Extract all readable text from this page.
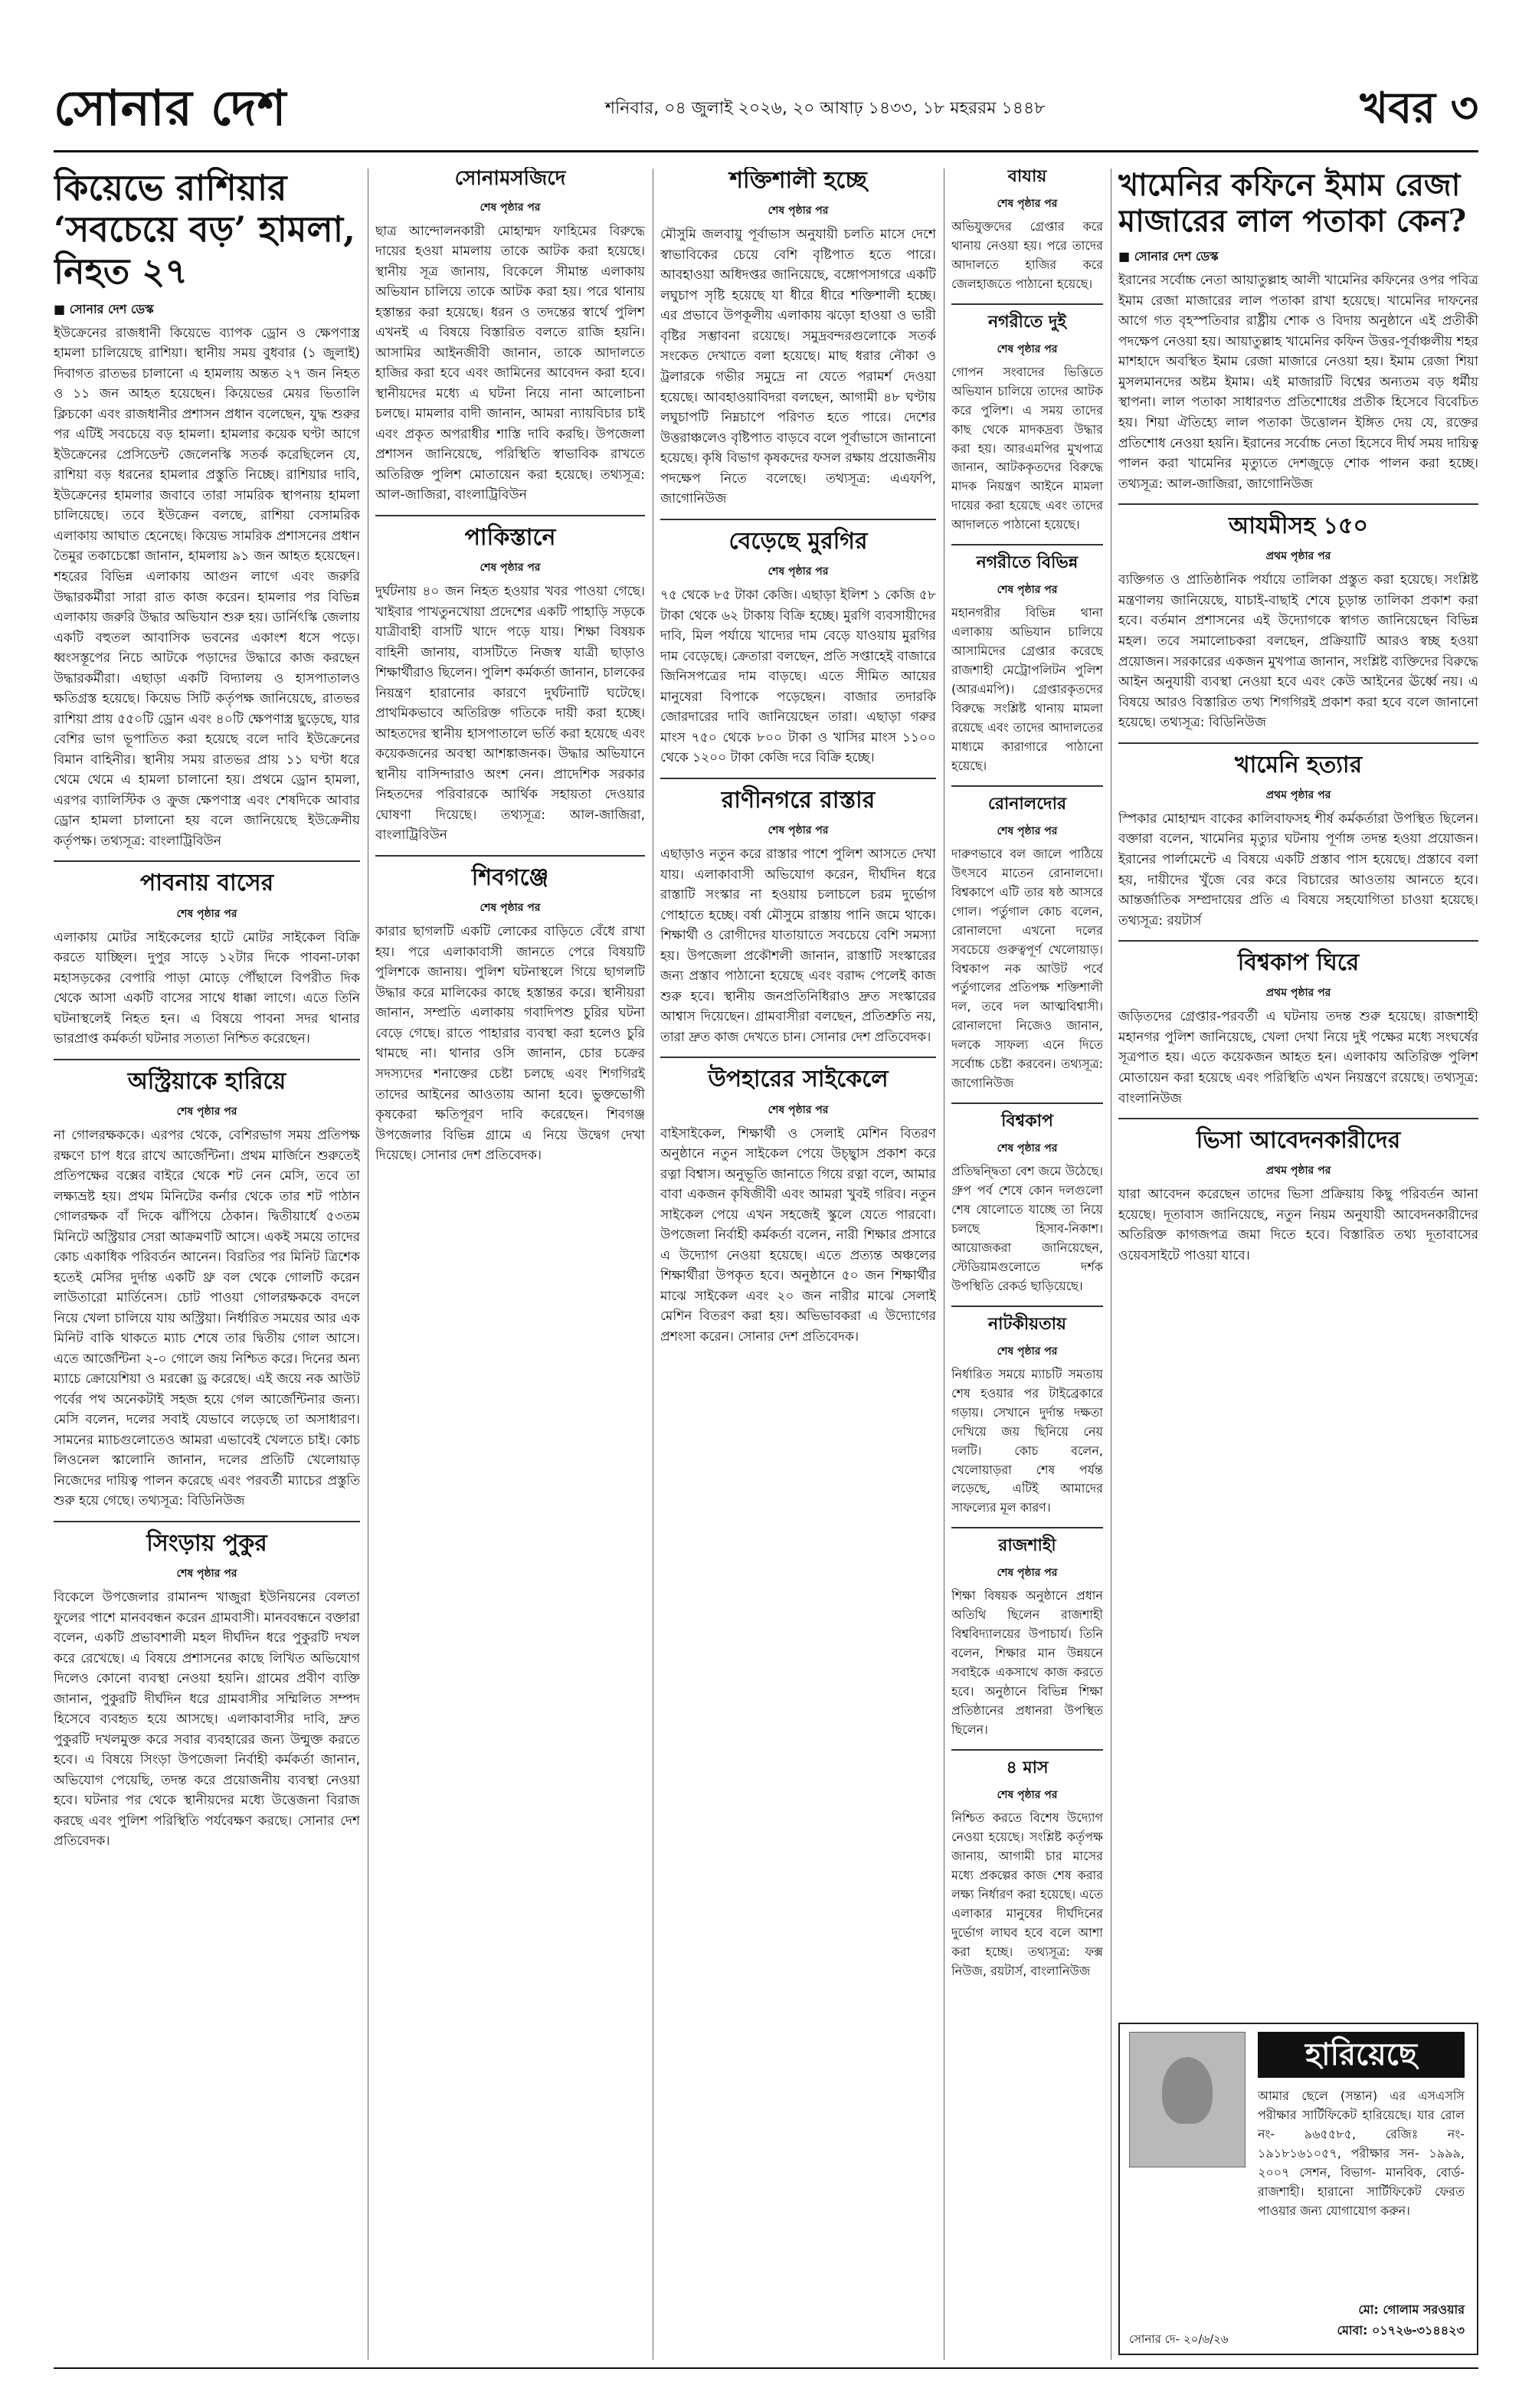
সোনার দেশ	শনিবার, ০৪ জুলাই ২০২৬, ২০ আষাঢ় ১৪৩৩, ১৮ মহররম ১৪৪৮	খবর ৩
কিয়েভে রাশিয়ার ‘সবচেয়ে বড়’ হামলা, নিহত ২৭
■ সোনার দেশ ডেস্ক

ইউক্রেনের রাজধানী কিয়েভে ব্যাপক ড্রোন ও ক্ষেপণাস্ত্র হামলা চালিয়েছে রাশিয়া। স্থানীয় সময় বুধবার (১ জুলাই) দিবাগত রাতভর চালানো এ হামলায় অন্তত ২৭ জন নিহত ও ১১ জন আহত হয়েছেন। কিয়েভের মেয়র ভিতালি ক্লিচকো এবং রাজধানীর প্রশাসন প্রধান বলেছেন, যুদ্ধ শুরুর পর এটিই সবচেয়ে বড় হামলা। হামলার কয়েক ঘণ্টা আগে ইউক্রেনের প্রেসিডেন্ট জেলেনস্কি সতর্ক করেছিলেন যে, রাশিয়া বড় ধরনের হামলার প্রস্তুতি নিচ্ছে। রাশিয়ার দাবি, ইউক্রেনের হামলার জবাবে তারা সামরিক স্থাপনায় হামলা চালিয়েছে। তবে ইউক্রেন বলছে, রাশিয়া বেসামরিক এলাকায় আঘাত হেনেছে। কিয়েভ সামরিক প্রশাসনের প্রধান তৈমুর তকাচেঙ্কো জানান, হামলায় ৯১ জন আহত হয়েছেন। শহরের বিভিন্ন এলাকায় আগুন লাগে এবং জরুরি উদ্ধারকর্মীরা সারা রাত কাজ করেন। হামলার পর বিভিন্ন এলাকায় জরুরি উদ্ধার অভিযান শুরু হয়। ডার্নিৎস্কি জেলায় একটি বহুতল আবাসিক ভবনের একাংশ ধসে পড়ে। ধ্বংসস্তূপের নিচে আটকে পড়াদের উদ্ধারে কাজ করছেন উদ্ধারকর্মীরা। এছাড়া একটি বিদ্যালয় ও হাসপাতালও ক্ষতিগ্রস্ত হয়েছে। কিয়েভ সিটি কর্তৃপক্ষ জানিয়েছে, রাতভর রাশিয়া প্রায় ৫৫০টি ড্রোন এবং ৪০টি ক্ষেপণাস্ত্র ছুড়েছে, যার বেশির ভাগ ভূপাতিত করা হয়েছে বলে দাবি ইউক্রেনের বিমান বাহিনীর। স্থানীয় সময় রাতভর প্রায় ১১ ঘণ্টা ধরে থেমে থেমে এ হামলা চালানো হয়। প্রথমে ড্রোন হামলা, এরপর ব্যালিস্টিক ও ক্রুজ ক্ষেপণাস্ত্র এবং শেষদিকে আবার ড্রোন হামলা চালানো হয় বলে জানিয়েছে ইউক্রেনীয় কর্তৃপক্ষ। তথ্যসূত্র: বাংলাট্রিবিউন

পাবনায় বাসের
শেষ পৃষ্ঠার পর

এলাকায় মোটর সাইকেলের হাটে মোটর সাইকেল বিক্রি করতে যাচ্ছিল। দুপুর সাড়ে ১২টার দিকে পাবনা-ঢাকা মহাসড়কের বেপারি পাড়া মোড়ে পৌঁছালে বিপরীত দিক থেকে আসা একটি বাসের সাথে ধাক্কা লাগে। এতে তিনি ঘটনাস্থলেই নিহত হন। এ বিষয়ে পাবনা সদর থানার ভারপ্রাপ্ত কর্মকর্তা ঘটনার সত্যতা নিশ্চিত করেছেন।

অস্ট্রিয়াকে হারিয়ে
শেষ পৃষ্ঠার পর

না গোলরক্ষককে। এরপর থেকে, বেশিরভাগ সময় প্রতিপক্ষ রক্ষণে চাপ ধরে রাখে আর্জেন্টিনা। প্রথম মার্জিনে শুরুতেই প্রতিপক্ষের বক্সের বাইরে থেকে শট নেন মেসি, তবে তা লক্ষ্যভ্রষ্ট হয়। প্রথম মিনিটের কর্নার থেকে তার শট পাঠান গোলরক্ষক বাঁ দিকে ঝাঁপিয়ে ঠেকান। দ্বিতীয়ার্ধে ৫৩তম মিনিটে অস্ট্রিয়ার সেরা আক্রমণটি আসে। একই সময়ে তাদের কোচ একাধিক পরিবর্তন আনেন। বিরতির পর মিনিট ত্রিশেক হতেই মেসির দুর্দান্ত একটি থ্রু বল থেকে গোলটি করেন লাউতারো মার্তিনেস। চোট পাওয়া গোলরক্ষককে বদলে নিয়ে খেলা চালিয়ে যায় অস্ট্রিয়া। নির্ধারিত সময়ের আর এক মিনিট বাকি থাকতে ম্যাচ শেষে তার দ্বিতীয় গোল আসে। এতে আর্জেন্টিনা ২-০ গোলে জয় নিশ্চিত করে। দিনের অন্য ম্যাচে ক্রোয়েশিয়া ও মরক্কো ড্র করেছে। এই জয়ে নক আউট পর্বের পথ অনেকটাই সহজ হয়ে গেল আর্জেন্টিনার জন্য। মেসি বলেন, দলের সবাই যেভাবে লড়েছে তা অসাধারণ। সামনের ম্যাচগুলোতেও আমরা এভাবেই খেলতে চাই। কোচ লিওনেল স্কালোনি জানান, দলের প্রতিটি খেলোয়াড় নিজেদের দায়িত্ব পালন করেছে এবং পরবর্তী ম্যাচের প্রস্তুতি শুরু হয়ে গেছে। তথ্যসূত্র: বিডিনিউজ

সিংড়ায় পুকুর
শেষ পৃষ্ঠার পর

বিকেলে উপজেলার রামানন্দ খাজুরা ইউনিয়নের বেলতা ফুলের পাশে মানববন্ধন করেন গ্রামবাসী। মানববন্ধনে বক্তারা বলেন, একটি প্রভাবশালী মহল দীর্ঘদিন ধরে পুকুরটি দখল করে রেখেছে। এ বিষয়ে প্রশাসনের কাছে লিখিত অভিযোগ দিলেও কোনো ব্যবস্থা নেওয়া হয়নি। গ্রামের প্রবীণ ব্যক্তি জানান, পুকুরটি দীর্ঘদিন ধরে গ্রামবাসীর সম্মিলিত সম্পদ হিসেবে ব্যবহৃত হয়ে আসছে। এলাকাবাসীর দাবি, দ্রুত পুকুরটি দখলমুক্ত করে সবার ব্যবহারের জন্য উন্মুক্ত করতে হবে। এ বিষয়ে সিংড়া উপজেলা নির্বাহী কর্মকর্তা জানান, অভিযোগ পেয়েছি, তদন্ত করে প্রয়োজনীয় ব্যবস্থা নেওয়া হবে। ঘটনার পর থেকে স্থানীয়দের মধ্যে উত্তেজনা বিরাজ করছে এবং পুলিশ পরিস্থিতি পর্যবেক্ষণ করছে। সোনার দেশ প্রতিবেদক।

সোনামসজিদে
শেষ পৃষ্ঠার পর

ছাত্র আন্দোলনকারী মোহাম্মদ ফাহিমের বিরুদ্ধে দায়ের হওয়া মামলায় তাকে আটক করা হয়েছে। স্থানীয় সূত্র জানায়, বিকেলে সীমান্ত এলাকায় অভিযান চালিয়ে তাকে আটক করা হয়। পরে থানায় হস্তান্তর করা হয়েছে। ধরন ও তদন্তের স্বার্থে পুলিশ এখনই এ বিষয়ে বিস্তারিত বলতে রাজি হয়নি। আসামির আইনজীবী জানান, তাকে আদালতে হাজির করা হবে এবং জামিনের আবেদন করা হবে। স্থানীয়দের মধ্যে এ ঘটনা নিয়ে নানা আলোচনা চলছে। মামলার বাদী জানান, আমরা ন্যায়বিচার চাই এবং প্রকৃত অপরাধীর শাস্তি দাবি করছি। উপজেলা প্রশাসন জানিয়েছে, পরিস্থিতি স্বাভাবিক রাখতে অতিরিক্ত পুলিশ মোতায়েন করা হয়েছে। তথ্যসূত্র: আল-জাজিরা, বাংলাট্রিবিউন

পাকিস্তানে
শেষ পৃষ্ঠার পর

দুর্ঘটনায় ৪০ জন নিহত হওয়ার খবর পাওয়া গেছে। খাইবার পাখতুনখোয়া প্রদেশের একটি পাহাড়ি সড়কে যাত্রীবাহী বাসটি খাদে পড়ে যায়। শিক্ষা বিষয়ক বাহিনী জানায়, বাসটিতে নিজস্ব যাত্রী ছাড়াও শিক্ষার্থীরাও ছিলেন। পুলিশ কর্মকর্তা জানান, চালকের নিয়ন্ত্রণ হারানোর কারণে দুর্ঘটনাটি ঘটেছে। প্রাথমিকভাবে অতিরিক্ত গতিকে দায়ী করা হচ্ছে। আহতদের স্থানীয় হাসপাতালে ভর্তি করা হয়েছে এবং কয়েকজনের অবস্থা আশঙ্কাজনক। উদ্ধার অভিযানে স্থানীয় বাসিন্দারাও অংশ নেন। প্রাদেশিক সরকার নিহতদের পরিবারকে আর্থিক সহায়তা দেওয়ার ঘোষণা দিয়েছে। তথ্যসূত্র: আল-জাজিরা, বাংলাট্রিবিউন

শিবগঞ্জে
শেষ পৃষ্ঠার পর

কারার ছাগলটি একটি লোকের বাড়িতে বেঁধে রাখা হয়। পরে এলাকাবাসী জানতে পেরে বিষয়টি পুলিশকে জানায়। পুলিশ ঘটনাস্থলে গিয়ে ছাগলটি উদ্ধার করে মালিকের কাছে হস্তান্তর করে। স্থানীয়রা জানান, সম্প্রতি এলাকায় গবাদিপশু চুরির ঘটনা বেড়ে গেছে। রাতে পাহারার ব্যবস্থা করা হলেও চুরি থামছে না। থানার ওসি জানান, চোর চক্রের সদস্যদের শনাক্তের চেষ্টা চলছে এবং শিগগিরই তাদের আইনের আওতায় আনা হবে। ভুক্তভোগী কৃষকেরা ক্ষতিপূরণ দাবি করেছেন। শিবগঞ্জ উপজেলার বিভিন্ন গ্রামে এ নিয়ে উদ্বেগ দেখা দিয়েছে। সোনার দেশ প্রতিবেদক।

শক্তিশালী হচ্ছে
শেষ পৃষ্ঠার পর

মৌসুমি জলবায়ু পূর্বাভাস অনুযায়ী চলতি মাসে দেশে স্বাভাবিকের চেয়ে বেশি বৃষ্টিপাত হতে পারে। আবহাওয়া অধিদপ্তর জানিয়েছে, বঙ্গোপসাগরে একটি লঘুচাপ সৃষ্টি হয়েছে যা ধীরে ধীরে শক্তিশালী হচ্ছে। এর প্রভাবে উপকূলীয় এলাকায় ঝড়ো হাওয়া ও ভারী বৃষ্টির সম্ভাবনা রয়েছে। সমুদ্রবন্দরগুলোকে সতর্ক সংকেত দেখাতে বলা হয়েছে। মাছ ধরার নৌকা ও ট্রলারকে গভীর সমুদ্রে না যেতে পরামর্শ দেওয়া হয়েছে। আবহাওয়াবিদরা বলছেন, আগামী ৪৮ ঘণ্টায় লঘুচাপটি নিম্নচাপে পরিণত হতে পারে। দেশের উত্তরাঞ্চলেও বৃষ্টিপাত বাড়বে বলে পূর্বাভাসে জানানো হয়েছে। কৃষি বিভাগ কৃষকদের ফসল রক্ষায় প্রয়োজনীয় পদক্ষেপ নিতে বলেছে। তথ্যসূত্র: এএফপি, জাগোনিউজ

বেড়েছে মুরগির
শেষ পৃষ্ঠার পর

৭৫ থেকে ৮৫ টাকা কেজি। এছাড়া ইলিশ ১ কেজি ৫৮ টাকা থেকে ৬২ টাকায় বিক্রি হচ্ছে। মুরগি ব্যবসায়ীদের দাবি, মিল পর্যায়ে খাদ্যের দাম বেড়ে যাওয়ায় মুরগির দাম বেড়েছে। ক্রেতারা বলছেন, প্রতি সপ্তাহেই বাজারে জিনিসপত্রের দাম বাড়ছে। এতে সীমিত আয়ের মানুষেরা বিপাকে পড়েছেন। বাজার তদারকি জোরদারের দাবি জানিয়েছেন তারা। এছাড়া গরুর মাংস ৭৫০ থেকে ৮০০ টাকা ও খাসির মাংস ১১০০ থেকে ১২০০ টাকা কেজি দরে বিক্রি হচ্ছে।

রাণীনগরে রাস্তার
শেষ পৃষ্ঠার পর

এছাড়াও নতুন করে রাস্তার পাশে পুলিশ আসতে দেখা যায়। এলাকাবাসী অভিযোগ করেন, দীর্ঘদিন ধরে রাস্তাটি সংস্কার না হওয়ায় চলাচলে চরম দুর্ভোগ পোহাতে হচ্ছে। বর্ষা মৌসুমে রাস্তায় পানি জমে থাকে। শিক্ষার্থী ও রোগীদের যাতায়াতে সবচেয়ে বেশি সমস্যা হয়। উপজেলা প্রকৌশলী জানান, রাস্তাটি সংস্কারের জন্য প্রস্তাব পাঠানো হয়েছে এবং বরাদ্দ পেলেই কাজ শুরু হবে। স্থানীয় জনপ্রতিনিধিরাও দ্রুত সংস্কারের আশ্বাস দিয়েছেন। গ্রামবাসীরা বলছেন, প্রতিশ্রুতি নয়, তারা দ্রুত কাজ দেখতে চান। সোনার দেশ প্রতিবেদক।

উপহারের সাইকেলে
শেষ পৃষ্ঠার পর

বাইসাইকেল, শিক্ষার্থী ও সেলাই মেশিন বিতরণ অনুষ্ঠানে নতুন সাইকেল পেয়ে উচ্ছ্বাস প্রকাশ করে রত্না বিশ্বাস। অনুভূতি জানাতে গিয়ে রত্না বলে, আমার বাবা একজন কৃষিজীবী এবং আমরা খুবই গরিব। নতুন সাইকেল পেয়ে এখন সহজেই স্কুলে যেতে পারবো। উপজেলা নির্বাহী কর্মকর্তা বলেন, নারী শিক্ষার প্রসারে এ উদ্যোগ নেওয়া হয়েছে। এতে প্রত্যন্ত অঞ্চলের শিক্ষার্থীরা উপকৃত হবে। অনুষ্ঠানে ৫০ জন শিক্ষার্থীর মাঝে সাইকেল এবং ২০ জন নারীর মাঝে সেলাই মেশিন বিতরণ করা হয়। অভিভাবকরা এ উদ্যোগের প্রশংসা করেন। সোনার দেশ প্রতিবেদক।

বাযায়
শেষ পৃষ্ঠার পর

অভিযুক্তদের গ্রেপ্তার করে থানায় নেওয়া হয়। পরে তাদের আদালতে হাজির করে জেলহাজতে পাঠানো হয়েছে।

নগরীতে দুই
শেষ পৃষ্ঠার পর

গোপন সংবাদের ভিত্তিতে অভিযান চালিয়ে তাদের আটক করে পুলিশ। এ সময় তাদের কাছ থেকে মাদকদ্রব্য উদ্ধার করা হয়। আরএমপির মুখপাত্র জানান, আটককৃতদের বিরুদ্ধে মাদক নিয়ন্ত্রণ আইনে মামলা দায়ের করা হয়েছে এবং তাদের আদালতে পাঠানো হয়েছে।

নগরীতে বিভিন্ন
শেষ পৃষ্ঠার পর

মহানগরীর বিভিন্ন থানা এলাকায় অভিযান চালিয়ে আসামিদের গ্রেপ্তার করেছে রাজশাহী মেট্রোপলিটন পুলিশ (আরএমপি)। গ্রেপ্তারকৃতদের বিরুদ্ধে সংশ্লিষ্ট থানায় মামলা রয়েছে এবং তাদের আদালতের মাধ্যমে কারাগারে পাঠানো হয়েছে।

রোনালদোর
শেষ পৃষ্ঠার পর

দারুণভাবে বল জালে পাঠিয়ে উৎসবে মাতেন রোনালদো। বিশ্বকাপে এটি তার ষষ্ঠ আসরে গোল। পর্তুগাল কোচ বলেন, রোনালদো এখনো দলের সবচেয়ে গুরুত্বপূর্ণ খেলোয়াড়। বিশ্বকাপ নক আউট পর্বে পর্তুগালের প্রতিপক্ষ শক্তিশালী দল, তবে দল আত্মবিশ্বাসী। রোনালদো নিজেও জানান, দলকে সাফল্য এনে দিতে সর্বোচ্চ চেষ্টা করবেন। তথ্যসূত্র: জাগোনিউজ

বিশ্বকাপ
শেষ পৃষ্ঠার পর

প্রতিদ্বন্দ্বিতা বেশ জমে উঠেছে। গ্রুপ পর্ব শেষে কোন দলগুলো শেষ ষোলোতে যাচ্ছে তা নিয়ে চলছে হিসাব-নিকাশ। আয়োজকরা জানিয়েছেন, স্টেডিয়ামগুলোতে দর্শক উপস্থিতি রেকর্ড ছাড়িয়েছে।

নাটকীয়তায়
শেষ পৃষ্ঠার পর

নির্ধারিত সময়ে ম্যাচটি সমতায় শেষ হওয়ার পর টাইব্রেকারে গড়ায়। সেখানে দুর্দান্ত দক্ষতা দেখিয়ে জয় ছিনিয়ে নেয় দলটি। কোচ বলেন, খেলোয়াড়রা শেষ পর্যন্ত লড়েছে, এটিই আমাদের সাফল্যের মূল কারণ।

রাজশাহী
শেষ পৃষ্ঠার পর

শিক্ষা বিষয়ক অনুষ্ঠানে প্রধান অতিথি ছিলেন রাজশাহী বিশ্ববিদ্যালয়ের উপাচার্য। তিনি বলেন, শিক্ষার মান উন্নয়নে সবাইকে একসাথে কাজ করতে হবে। অনুষ্ঠানে বিভিন্ন শিক্ষা প্রতিষ্ঠানের প্রধানরা উপস্থিত ছিলেন।

৪ মাস
শেষ পৃষ্ঠার পর

নিশ্চিত করতে বিশেষ উদ্যোগ নেওয়া হয়েছে। সংশ্লিষ্ট কর্তৃপক্ষ জানায়, আগামী চার মাসের মধ্যে প্রকল্পের কাজ শেষ করার লক্ষ্য নির্ধারণ করা হয়েছে। এতে এলাকার মানুষের দীর্ঘদিনের দুর্ভোগ লাঘব হবে বলে আশা করা হচ্ছে। তথ্যসূত্র: ফক্স নিউজ, রয়টার্স, বাংলানিউজ

খামেনির কফিনে ইমাম রেজা মাজারের লাল পতাকা কেন?
■ সোনার দেশ ডেস্ক

ইরানের সর্বোচ্চ নেতা আয়াতুল্লাহ আলী খামেনির কফিনের ওপর পবিত্র ইমাম রেজা মাজারের লাল পতাকা রাখা হয়েছে। খামেনির দাফনের আগে গত বৃহস্পতিবার রাষ্ট্রীয় শোক ও বিদায় অনুষ্ঠানে এই প্রতীকী পদক্ষেপ নেওয়া হয়। আয়াতুল্লাহ খামেনির কফিন উত্তর-পূর্বাঞ্চলীয় শহর মাশহাদে অবস্থিত ইমাম রেজা মাজারে নেওয়া হয়। ইমাম রেজা শিয়া মুসলমানদের অষ্টম ইমাম। এই মাজারটি বিশ্বের অন্যতম বড় ধর্মীয় স্থাপনা। লাল পতাকা সাধারণত প্রতিশোধের প্রতীক হিসেবে বিবেচিত হয়। শিয়া ঐতিহ্যে লাল পতাকা উত্তোলন ইঙ্গিত দেয় যে, রক্তের প্রতিশোধ নেওয়া হয়নি। ইরানের সর্বোচ্চ নেতা হিসেবে দীর্ঘ সময় দায়িত্ব পালন করা খামেনির মৃত্যুতে দেশজুড়ে শোক পালন করা হচ্ছে। তথ্যসূত্র: আল-জাজিরা, জাগোনিউজ

আযমীসহ ১৫০
প্রথম পৃষ্ঠার পর

ব্যক্তিগত ও প্রাতিষ্ঠানিক পর্যায়ে তালিকা প্রস্তুত করা হয়েছে। সংশ্লিষ্ট মন্ত্রণালয় জানিয়েছে, যাচাই-বাছাই শেষে চূড়ান্ত তালিকা প্রকাশ করা হবে। বর্তমান প্রশাসনের এই উদ্যোগকে স্বাগত জানিয়েছেন বিভিন্ন মহল। তবে সমালোচকরা বলছেন, প্রক্রিয়াটি আরও স্বচ্ছ হওয়া প্রয়োজন। সরকারের একজন মুখপাত্র জানান, সংশ্লিষ্ট ব্যক্তিদের বিরুদ্ধে আইন অনুযায়ী ব্যবস্থা নেওয়া হবে এবং কেউ আইনের ঊর্ধ্বে নয়। এ বিষয়ে আরও বিস্তারিত তথ্য শিগগিরই প্রকাশ করা হবে বলে জানানো হয়েছে। তথ্যসূত্র: বিডিনিউজ

খামেনি হত্যার
প্রথম পৃষ্ঠার পর

স্পিকার মোহাম্মদ বাকের কালিবাফসহ শীর্ষ কর্মকর্তারা উপস্থিত ছিলেন। বক্তারা বলেন, খামেনির মৃত্যুর ঘটনায় পূর্ণাঙ্গ তদন্ত হওয়া প্রয়োজন। ইরানের পার্লামেন্টে এ বিষয়ে একটি প্রস্তাব পাস হয়েছে। প্রস্তাবে বলা হয়, দায়ীদের খুঁজে বের করে বিচারের আওতায় আনতে হবে। আন্তর্জাতিক সম্প্রদায়ের প্রতি এ বিষয়ে সহযোগিতা চাওয়া হয়েছে। তথ্যসূত্র: রয়টার্স

বিশ্বকাপ ঘিরে
প্রথম পৃষ্ঠার পর

জড়িতদের গ্রেপ্তার-পরবর্তী এ ঘটনায় তদন্ত শুরু হয়েছে। রাজশাহী মহানগর পুলিশ জানিয়েছে, খেলা দেখা নিয়ে দুই পক্ষের মধ্যে সংঘর্ষের সূত্রপাত হয়। এতে কয়েকজন আহত হন। এলাকায় অতিরিক্ত পুলিশ মোতায়েন করা হয়েছে এবং পরিস্থিতি এখন নিয়ন্ত্রণে রয়েছে। তথ্যসূত্র: বাংলানিউজ

ভিসা আবেদনকারীদের
প্রথম পৃষ্ঠার পর

যারা আবেদন করেছেন তাদের ভিসা প্রক্রিয়ায় কিছু পরিবর্তন আনা হয়েছে। দূতাবাস জানিয়েছে, নতুন নিয়ম অনুযায়ী আবেদনকারীদের অতিরিক্ত কাগজপত্র জমা দিতে হবে। বিস্তারিত তথ্য দূতাবাসের ওয়েবসাইটে পাওয়া যাবে।

হারিয়েছে

আমার ছেলে (সন্তান) এর এসএসসি পরীক্ষার সার্টিফিকেট হারিয়েছে। যার রোল নং- ৯৬৫৫৮৫, রেজিঃ নং- ১৯১৮১৬১০৫৭, পরীক্ষার সন- ১৯৯৯, ২০০৭ সেশন, বিভাগ- মানবিক, বোর্ড- রাজশাহী। হারানো সার্টিফিকেট ফেরত পাওয়ার জন্য যোগাযোগ করুন।

মো: গোলাম সরওয়ার
মোবা: ০১৭২৬-৩১৪৪২৩
সোনার দে- ২০/৬/২৬
